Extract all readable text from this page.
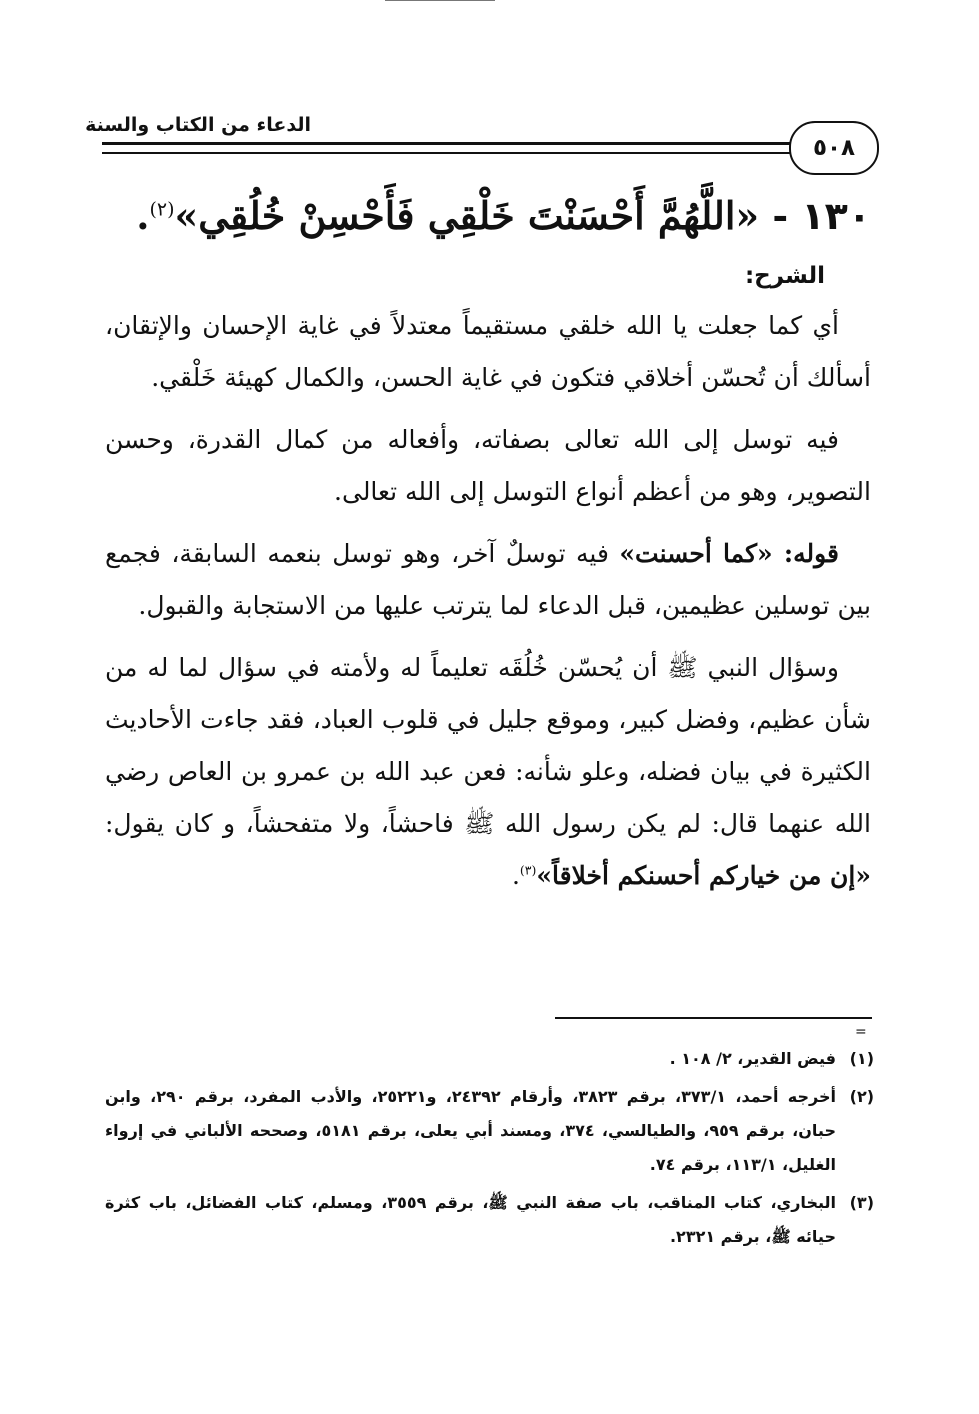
الدعاء من الكتاب والسنة
٥٠٨
١٣٠ - «اللَّهُمَّ أَحْسَنْتَ خَلْقِي فَأَحْسِنْ خُلُقِي»$^{(٢)}$.
الشرح:

أي كما جعلت يا الله خلقي مستقيماً معتدلاً في غاية الإحسان والإتقان، أسألك أن تُحسّن أخلاقي فتكون في غاية الحسن، والكمال كهيئة خَلْقي.

فيه توسل إلى الله تعالى بصفاته، وأفعاله من كمال القدرة، وحسن التصوير، وهو من أعظم أنواع التوسل إلى الله تعالى.

قوله: «كما أحسنت» فيه توسلٌ آخر، وهو توسل بنعمه السابقة، فجمع بين توسلين عظيمين، قبل الدعاء لما يترتب عليها من الاستجابة والقبول.

وسؤال النبي ﷺ أن يُحسّن خُلُقَه تعليماً له ولأمته في سؤال لما له من شأن عظيم، وفضل كبير، وموقع جليل في قلوب العباد، فقد جاءت الأحاديث الكثيرة في بيان فضله، وعلو شأنه: فعن عبد الله بن عمرو بن العاص رضي الله عنهما قال: لم يكن رسول الله ﷺ فاحشاً، ولا متفحشاً، و كان يقول: «إن من خياركم أحسنكم أخلاقاً»$^{(٣)}$.

=
(١)فيض القدير، ٢/ ١٠٨ .
(٢)أخرجه أحمد، ٣٧٣/١، برقم ٣٨٢٣، وأرقام ٢٤٣٩٢، و٢٥٢٢١، والأدب المفرد، برقم ٢٩٠، وابن حبان، برقم ٩٥٩، والطيالسي، ٣٧٤، ومسند أبي يعلى، برقم ٥١٨١، وصححه الألباني في إرواء الغليل، ١١٣/١، برقم ٧٤.
(٣)البخاري، كتاب المناقب، باب صفة النبي ﷺ، برقم ٣٥٥٩، ومسلم، كتاب الفضائل، باب كثرة حيائه ﷺ، برقم ٢٣٢١.
